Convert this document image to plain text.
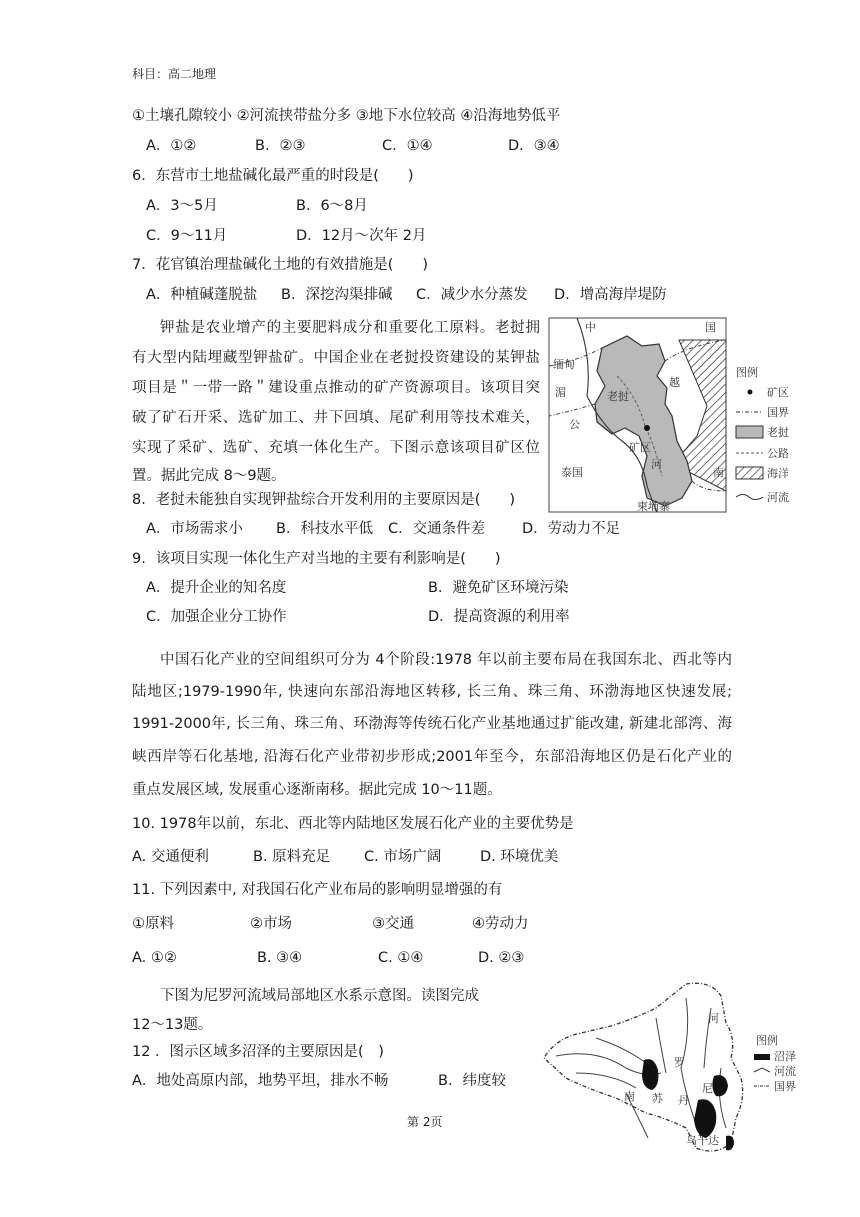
科目：高二地理
①土壤孔隙较小 ②河流挟带盐分多 ③地下水位较高 ④沿海地势低平
A．①②	B．②③	C．①④	D．③④
6．东营市土地盐碱化最严重的时段是(　　)
A．3～5月	B．6～8月
C．9～11月	D．12月～次年 2月
7．花官镇治理盐碱化土地的有效措施是(　　)
A．种植碱蓬脱盐 B．深挖沟渠排碱 C．减少水分蒸发 D．增高海岸堤防
钾盐是农业增产的主要肥料成分和重要化工原料。老挝拥
有大型内陆埋藏型钾盐矿。中国企业在老挝投资建设的某钾盐
项目是＂一带一路＂建设重点推动的矿产资源项目。该项目突
破了矿石开采、选矿加工、井下回填、尾矿利用等技术难关，
实现了采矿、选矿、充填一体化生产。下图示意该项目矿区位
置。据此完成 8～9题。
中	国
缅甸
湄
公
越
矿区
河
南
泰国
柬埔寨
老挝
图例
矿区
国界
老挝
公路
海洋
河流
8．老挝未能独自实现钾盐综合开发利用的主要原因是(　　)
A．市场需求小 B．科技水平低 C．交通条件差	D．劳动力不足
9．该项目实现一体化生产对当地的主要有利影响是(　　)
A．提升企业的知名度	B．避免矿区环境污染
C．加强企业分工协作	D．提高资源的利用率
中国石化产业的空间组织可分为 4个阶段:1978 年以前主要布局在我国东北、西北等内
陆地区;1979-1990年, 快速向东部沿海地区转移, 长三角、珠三角、环渤海地区快速发展;
1991-2000年, 长三角、珠三角、环渤海等传统石化产业基地通过扩能改建, 新建北部湾、海
峡西岸等石化基地, 沿海石化产业带初步形成;2001年至今，东部沿海地区仍是石化产业的
重点发展区域, 发展重心逐渐南移。据此完成 10～11题。
10. 1978年以前，东北、西北等内陆地区发展石化产业的主要优势是
A. 交通便利	B. 原料充足 C. 市场广阔	D. 环境优美
11. 下列因素中, 对我国石化产业布局的影响明显增强的有
①原料	②市场	③交通	④劳动力
A. ①②	B. ③④	C. ①④	D. ②③
下图为尼罗河流域局部地区水系示意图。读图完成
12～13题。
12 ．图示区域多沼泽的主要原因是(　)
A．地处高原内部，地势平坦，排水不畅	B．纬度较
河
罗
南 苏 丹
尼
乌干达
图例
沼泽
河流
国界
第 2页
